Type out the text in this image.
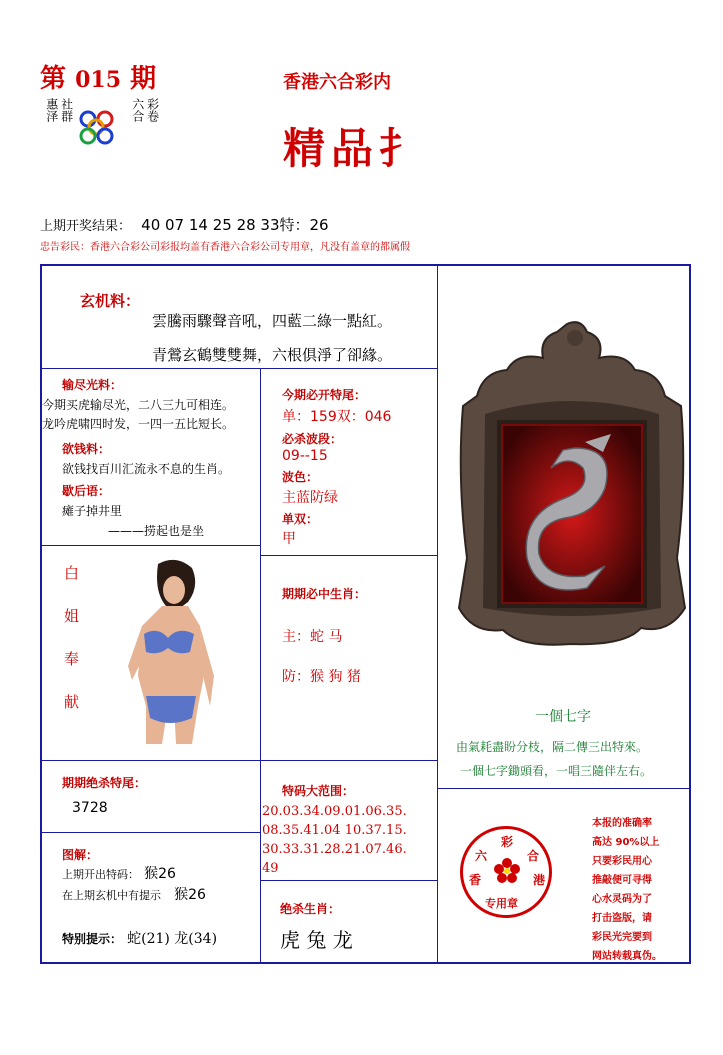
第 015 期
惠泽 社群	六合 彩卷
香港六合彩内
精品扌
上期开奖结果： 40 07 14 25 28 33特：26
忠告彩民：香港六合彩公司彩报均盖有香港六合彩公司专用章，凡没有盖章的都属假
玄机料：
雲騰雨驟聲音吼，四藍二綠一點紅。
青鶯玄鶴雙雙舞，六根俱淨了卻緣。
输尽光料：
今期买虎输尽光，二八三九可相连。
龙吟虎啸四时发，一四一五比短长。
欲钱料：
欲钱找百川汇流永不息的生肖。
歇后语：
瘫子掉井里
———捞起也是坐
今期必开特尾：
单：159双：046
必杀波段：
09--15
波色：
主蓝防绿
单双：
甲
白
姐
奉
献
期期必中生肖：
主：蛇 马
防：猴 狗 猪
一個七字
由氣耗盡盼分枝，隔二傳三出特來。
一個七字鋤頭看，一唱三隨伴左右。
期期绝杀特尾：
3728
特码大范围：
20.03.34.09.01.06.35.
08.35.41.04 10.37.15.
30.33.31.28.21.07.46.
49
图解：
上期开出特码： 猴26
在上期玄机中有提示 猴26
特别提示： 蛇(21) 龙(34)
绝杀生肖：
虎 兔 龙
彩
六	合
香	港
专用章
本报的准确率
高达 90%以上
只要彩民用心
推敲便可寻得
心水灵码为了
打击盗版，请
彩民光完要到
网站转载真伪。
